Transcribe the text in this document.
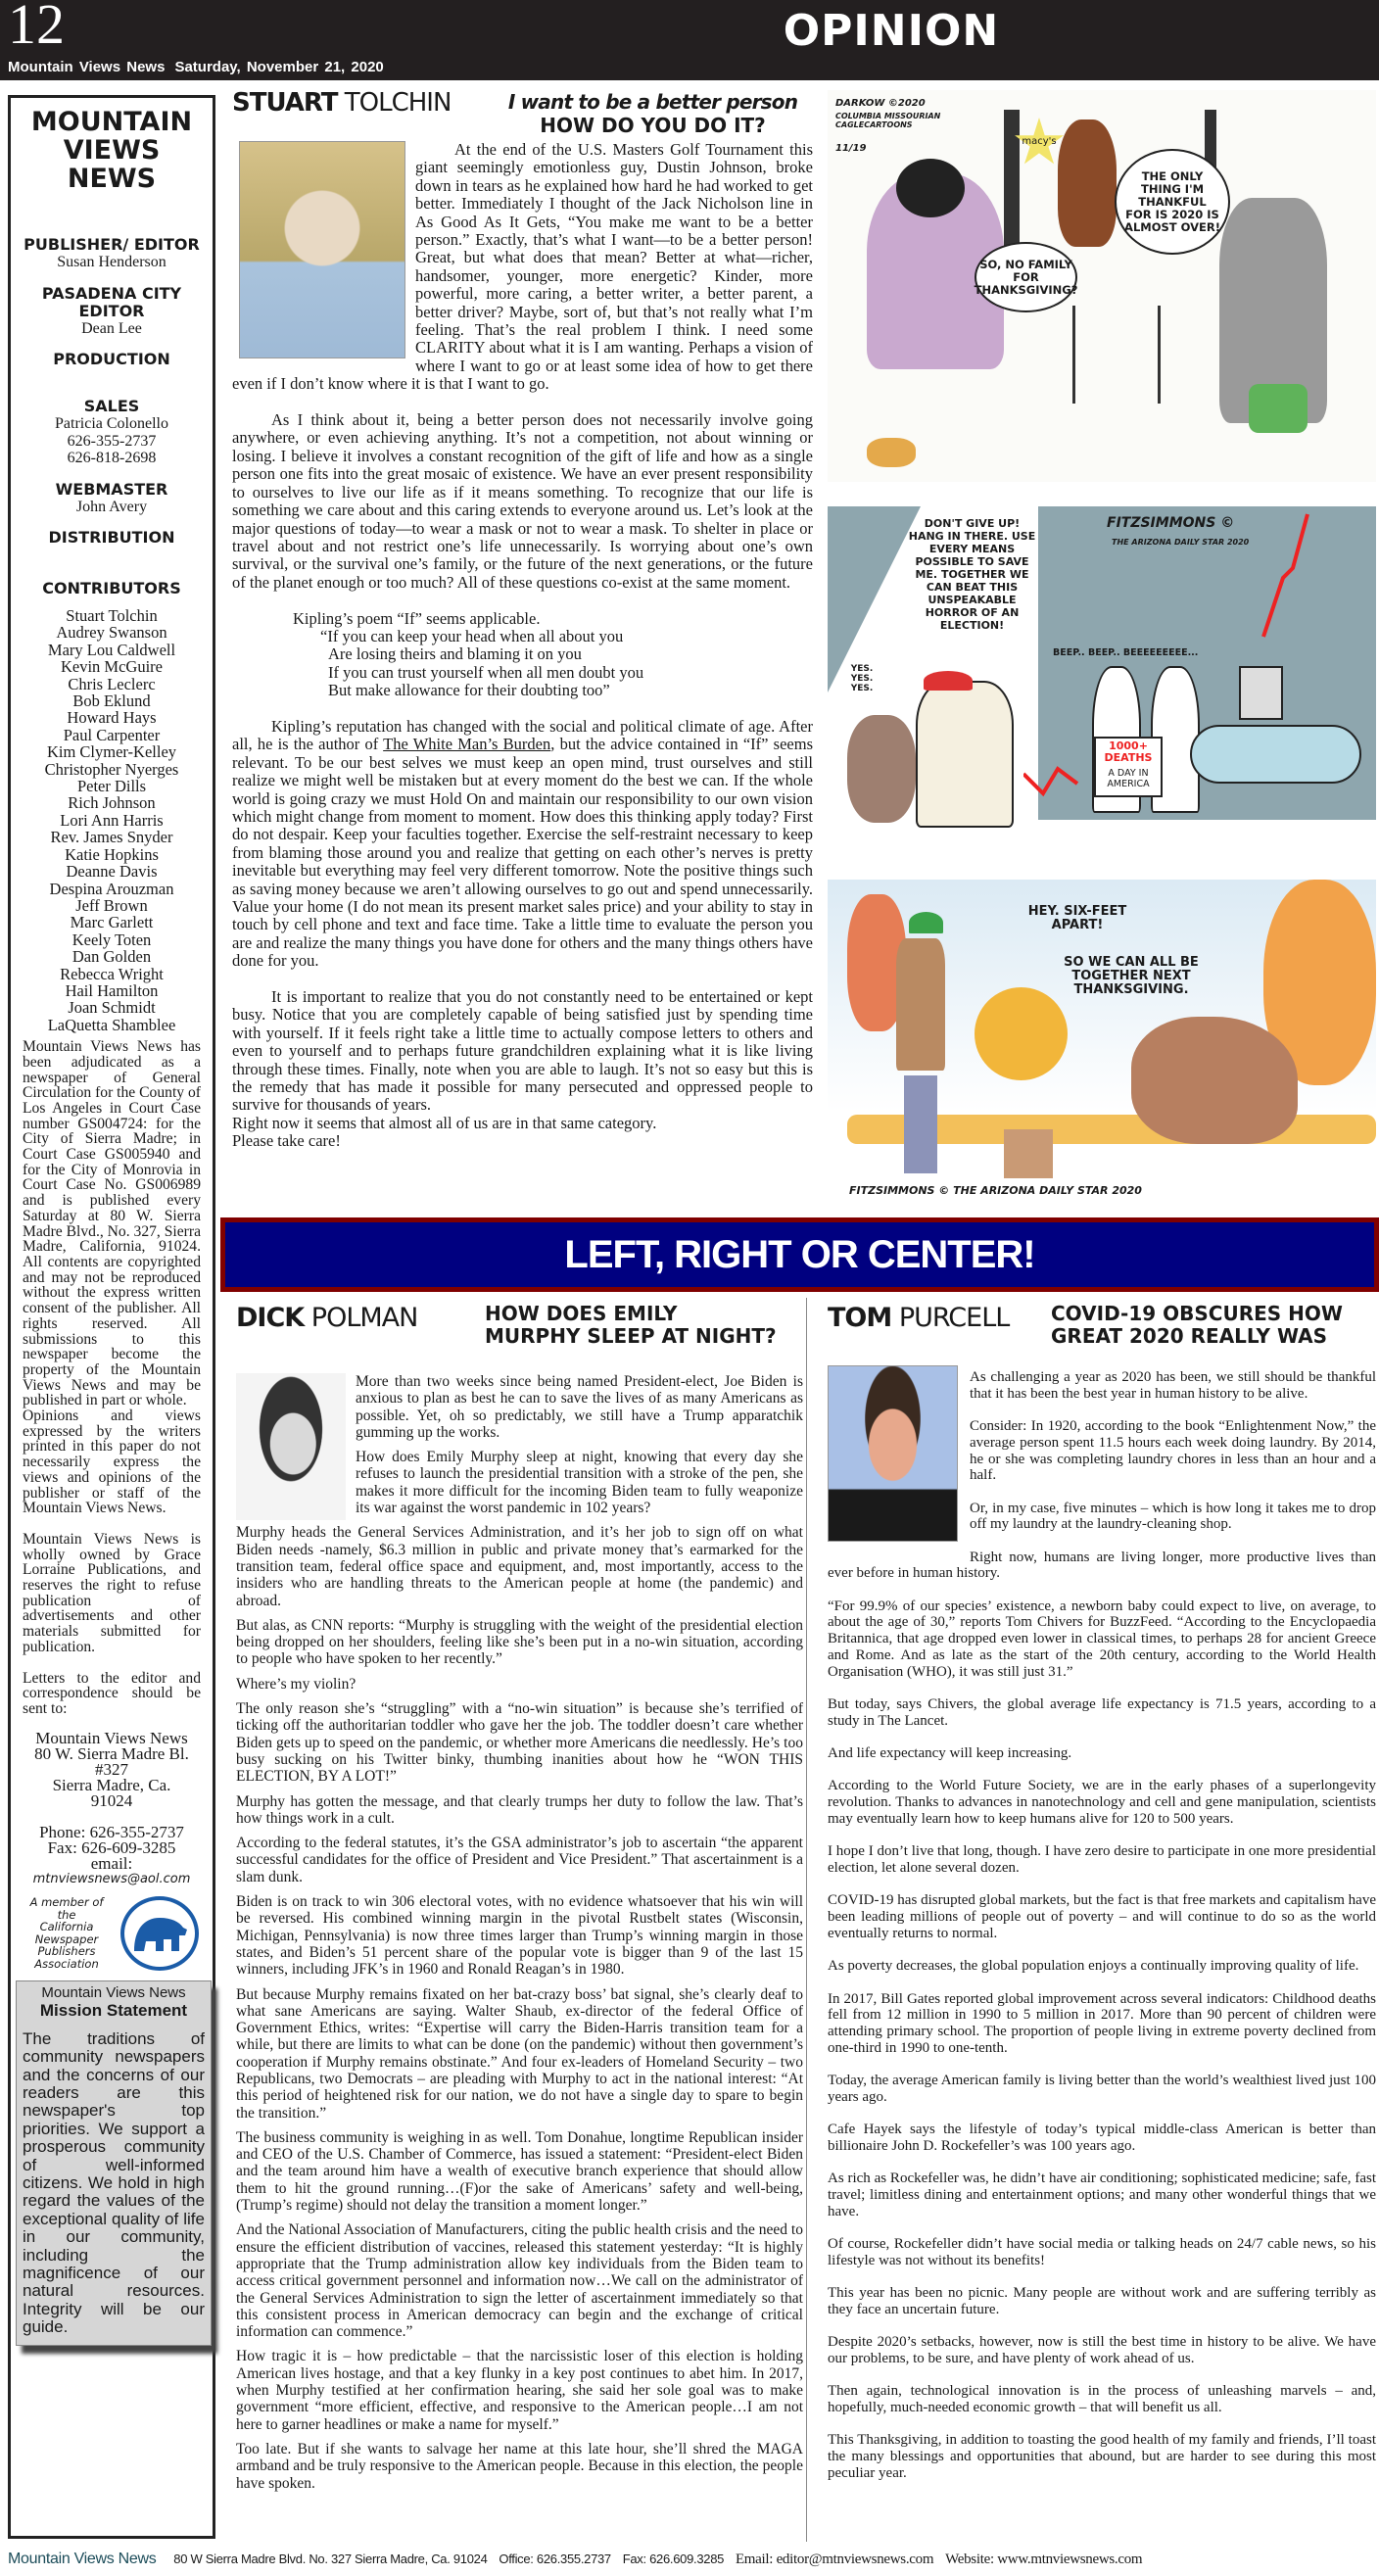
12	OPINION
Mountain Views News Saturday, November 21, 2020
MOUNTAIN
VIEWS
NEWS
PUBLISHER/ EDITOR
Susan Henderson
PASADENA CITY
EDITOR
Dean Lee
PRODUCTION
SALES
Patricia Colonello
626-355-2737
626-818-2698
WEBMASTER
John Avery
DISTRIBUTION
CONTRIBUTORS
Stuart Tolchin
Audrey Swanson
Mary Lou Caldwell
Kevin McGuire
Chris Leclerc
Bob Eklund
Howard Hays
Paul Carpenter
Kim Clymer-Kelley
Christopher Nyerges
Peter Dills
Rich Johnson
Lori Ann Harris
Rev. James Snyder
Katie Hopkins
Deanne Davis
Despina Arouzman
Jeff Brown
Marc Garlett
Keely Toten
Dan Golden
Rebecca Wright
Hail Hamilton
Joan Schmidt
LaQuetta Shamblee
Mountain Views News has been adjudicated as a newspaper of General Circulation for the County of Los Angeles in Court Case number GS004724: for the City of Sierra Madre; in Court Case GS005940 and for the City of Monrovia in Court Case No. GS006989 and is published every Saturday at 80 W. Sierra Madre Blvd., No. 327, Sierra Madre, California, 91024. All contents are copyrighted and may not be reproduced without the express written consent of the publisher. All rights reserved. All submissions to this newspaper become the property of the Mountain Views News and may be published in part or whole.
Opinions and views expressed by the writers printed in this paper do not necessarily express the views and opinions of the publisher or staff of the Mountain Views News.
Mountain Views News is wholly owned by Grace Lorraine Publications, and reserves the right to refuse publication of advertisements and other materials submitted for publication.
Letters to the editor and correspondence should be sent to:
Mountain Views News
80 W. Sierra Madre Bl.
#327
Sierra Madre, Ca.
91024
Phone: 626-355-2737
Fax: 626-609-3285
email:
mtnviewsnews@aol.com
A member of
the
California
Newspaper
Publishers
Association
Mountain Views News
Mission Statement
The traditions of community newspapers and the concerns of our readers are this newspaper's top priorities. We support a prosperous community of well-informed citizens. We hold in high regard the values of the exceptional quality of life in our community, including the magnificence of our natural resources. Integrity will be our guide.
STUART TOLCHIN	I want to be a better person
HOW DO YOU DO IT?

At the end of the U.S. Masters Golf Tournament this giant seemingly emotionless guy, Dustin Johnson, broke down in tears as he explained how hard he had worked to get better. Immediately I thought of the Jack Nicholson line in As Good As It Gets, “You make me want to be a better person.” Exactly, that’s what I want—to be a better person! Great, but what does that mean? Better at what—richer, handsomer, younger, more energetic? Kinder, more powerful, more caring, a better writer, a better parent, a better driver? Maybe, sort of, but that’s not really what I’m feeling. That’s the real problem I think. I need some CLARITY about what it is I am wanting. Perhaps a vision of where I want to go or at least some idea of how to get there even if I don’t know where it is that I want to go.

As I think about it, being a better person does not necessarily involve going anywhere, or even achieving anything. It’s not a competition, not about winning or losing. I believe it involves a constant recognition of the gift of life and how as a single person one fits into the great mosaic of existence. We have an ever present responsibility to ourselves to live our life as if it means something. To recognize that our life is something we care about and this caring extends to everyone around us. Let’s look at the major questions of today—to wear a mask or not to wear a mask. To shelter in place or travel about and not restrict one’s life unnecessarily. Is worrying about one’s own survival, or the survival one’s family, or the future of the next generations, or the future of the planet enough or too much? All of these questions co-exist at the same moment.

Kipling’s poem “If” seems applicable.
“If you can keep your head when all about you
Are losing theirs and blaming it on you
If you can trust yourself when all men doubt you
But make allowance for their doubting too”

Kipling’s reputation has changed with the social and political climate of age. After all, he is the author of The White Man’s Burden, but the advice contained in “If” seems relevant. To be our best selves we must keep an open mind, trust ourselves and still realize we might well be mistaken but at every moment do the best we can. If the whole world is going crazy we must Hold On and maintain our responsibility to our own vision which might change from moment to moment. How does this thinking apply today? First do not despair. Keep your faculties together. Exercise the self-restraint necessary to keep from blaming those around you and realize that getting on each other’s nerves is pretty inevitable but everything may feel very different tomorrow. Note the positive things such as saving money because we aren’t allowing ourselves to go out and spend unnecessarily. Value your home (I do not mean its present market sales price) and your ability to stay in touch by cell phone and text and face time. Take a little time to evaluate the person you are and realize the many things you have done for others and the many things others have done for you.

It is important to realize that you do not constantly need to be entertained or kept busy. Notice that you are completely capable of being satisfied just by spending time with yourself. If it feels right take a little time to actually compose letters to others and even to yourself and to perhaps future grandchildren explaining what it is like living through these times. Finally, note when you are able to laugh. It’s not so easy but this is the remedy that has made it possible for many persecuted and oppressed people to survive for thousands of years.

Right now it seems that almost all of us are in that same category.

Please take care!

macy's
SO, NO FAMILY FOR THANKSGIVING?
THE ONLY THING I'M THANKFUL FOR IS 2020 IS ALMOST OVER!
DARKOW ©2020
COLUMBIA MISSOURIAN CAGLECARTOONS
11/19
DON'T GIVE UP! HANG IN THERE. USE EVERY MEANS POSSIBLE TO SAVE ME. TOGETHER WE CAN BEAT THIS UNSPEAKABLE HORROR OF AN ELECTION!
YES. YES. YES.
BEEP.. BEEP.. BEEEEEEEEE...
1000+ DEATHS
A DAY IN AMERICA
FITZSIMMONS ©
THE ARIZONA DAILY STAR 2020
HEY. SIX-FEET APART!
SO WE CAN ALL BE TOGETHER NEXT THANKSGIVING.
FITZSIMMONS © THE ARIZONA DAILY STAR 2020
LEFT, RIGHT OR CENTER!
DICK POLMAN	HOW DOES EMILY MURPHY SLEEP AT NIGHT?

More than two weeks since being named President-elect, Joe Biden is anxious to plan as best he can to save the lives of as many Americans as possible. Yet, oh so predictably, we still have a Trump apparatchik gumming up the works.

How does Emily Murphy sleep at night, knowing that every day she refuses to launch the presidential transition with a stroke of the pen, she makes it more difficult for the incoming Biden team to fully weaponize its war against the worst pandemic in 102 years?

Murphy heads the General Services Administration, and it’s her job to sign off on what Biden needs -namely, $6.3 million in public and private money that’s earmarked for the transition team, federal office space and equipment, and, most importantly, access to the insiders who are handling threats to the American people at home (the pandemic) and abroad.

But alas, as CNN reports: “Murphy is struggling with the weight of the presidential election being dropped on her shoulders, feeling like she’s been put in a no-win situation, according to people who have spoken to her recently.”

Where’s my violin?

The only reason she’s “struggling” with a “no-win situation” is because she’s terrified of ticking off the authoritarian toddler who gave her the job. The toddler doesn’t care whether Biden gets up to speed on the pandemic, or whether more Americans die needlessly. He’s too busy sucking on his Twitter binky, thumbing inanities about how he “WON THIS ELECTION, BY A LOT!”

Murphy has gotten the message, and that clearly trumps her duty to follow the law. That’s how things work in a cult.

According to the federal statutes, it’s the GSA administrator’s job to ascertain “the apparent successful candidates for the office of President and Vice President.” That ascertainment is a slam dunk.

Biden is on track to win 306 electoral votes, with no evidence whatsoever that his win will be reversed. His combined winning margin in the pivotal Rustbelt states (Wisconsin, Michigan, Pennsylvania) is now three times larger than Trump’s winning margin in those states, and Biden’s 51 percent share of the popular vote is bigger than 9 of the last 15 winners, including JFK’s in 1960 and Ronald Reagan’s in 1980.

But because Murphy remains fixated on her bat-crazy boss’ bat signal, she’s clearly deaf to what sane Americans are saying. Walter Shaub, ex-director of the federal Office of Government Ethics, writes: “Expertise will carry the Biden-Harris transition team for a while, but there are limits to what can be done (on the pandemic) without then government’s cooperation if Murphy remains obstinate.” And four ex-leaders of Homeland Security – two Republicans, two Democrats – are pleading with Murphy to act in the national interest: “At this period of heightened risk for our nation, we do not have a single day to spare to begin the transition.”

The business community is weighing in as well. Tom Donahue, longtime Republican insider and CEO of the U.S. Chamber of Commerce, has issued a statement: “President-elect Biden and the team around him have a wealth of executive branch experience that should allow them to hit the ground running…(F)or the sake of Americans’ safety and well-being, (Trump’s regime) should not delay the transition a moment longer.”

And the National Association of Manufacturers, citing the public health crisis and the need to ensure the efficient distribution of vaccines, released this statement yesterday: “It is highly appropriate that the Trump administration allow key individuals from the Biden team to access critical government personnel and information now…We call on the administrator of the General Services Administration to sign the letter of ascertainment immediately so that this consistent process in American democracy can begin and the exchange of critical information can commence.”

How tragic it is – how predictable – that the narcissistic loser of this election is holding American lives hostage, and that a key flunky in a key post continues to abet him. In 2017, when Murphy testified at her confirmation hearing, she said her sole goal was to make government “more efficient, effective, and responsive to the American people…I am not here to garner headlines or make a name for myself.”

Too late. But if she wants to salvage her name at this late hour, she’ll shred the MAGA armband and be truly responsive to the American people. Because in this election, the people have spoken.

TOM PURCELL	COVID-19 OBSCURES HOW GREAT 2020 REALLY WAS

As challenging a year as 2020 has been, we still should be thankful that it has been the best year in human history to be alive.

Consider: In 1920, according to the book “Enlightenment Now,” the average person spent 11.5 hours each week doing laundry. By 2014, he or she was completing laundry chores in less than an hour and a half.

Or, in my case, five minutes – which is how long it takes me to drop off my laundry at the laundry-cleaning shop.

Right now, humans are living longer, more productive lives than ever before in human history.

“For 99.9% of our species’ existence, a newborn baby could expect to live, on average, to about the age of 30,” reports Tom Chivers for BuzzFeed. “According to the Encyclopaedia Britannica, that age dropped even lower in classical times, to perhaps 28 for ancient Greece and Rome. And as late as the start of the 20th century, according to the World Health Organisation (WHO), it was still just 31.”

But today, says Chivers, the global average life expectancy is 71.5 years, according to a study in The Lancet.

And life expectancy will keep increasing.

According to the World Future Society, we are in the early phases of a superlongevity revolution. Thanks to advances in nanotechnology and cell and gene manipulation, scientists may eventually learn how to keep humans alive for 120 to 500 years.

I hope I don’t live that long, though. I have zero desire to participate in one more presidential election, let alone several dozen.

COVID-19 has disrupted global markets, but the fact is that free markets and capitalism have been leading millions of people out of poverty – and will continue to do so as the world eventually returns to normal.

As poverty decreases, the global population enjoys a continually improving quality of life.

In 2017, Bill Gates reported global improvement across several indicators: Childhood deaths fell from 12 million in 1990 to 5 million in 2017. More than 90 percent of children were attending primary school. The proportion of people living in extreme poverty declined from one-third in 1990 to one-tenth.

Today, the average American family is living better than the world’s wealthiest lived just 100 years ago.

Cafe Hayek says the lifestyle of today’s typical middle-class American is better than billionaire John D. Rockefeller’s was 100 years ago.

As rich as Rockefeller was, he didn’t have air conditioning; sophisticated medicine; safe, fast travel; limitless dining and entertainment options; and many other wonderful things that we have.

Of course, Rockefeller didn’t have social media or talking heads on 24/7 cable news, so his lifestyle was not without its benefits!

This year has been no picnic. Many people are without work and are suffering terribly as they face an uncertain future.

Despite 2020’s setbacks, however, now is still the best time in history to be alive. We have our problems, to be sure, and have plenty of work ahead of us.

Then again, technological innovation is in the process of unleashing marvels – and, hopefully, much-needed economic growth – that will benefit us all.

This Thanksgiving, in addition to toasting the good health of my family and friends, I’ll toast the many blessings and opportunities that abound, but are harder to see during this most peculiar year.

Mountain Views News 80 W Sierra Madre Blvd. No. 327 Sierra Madre, Ca. 91024 Office: 626.355.2737 Fax: 626.609.3285 Email: editor@mtnviewsnews.com Website: www.mtnviewsnews.com
